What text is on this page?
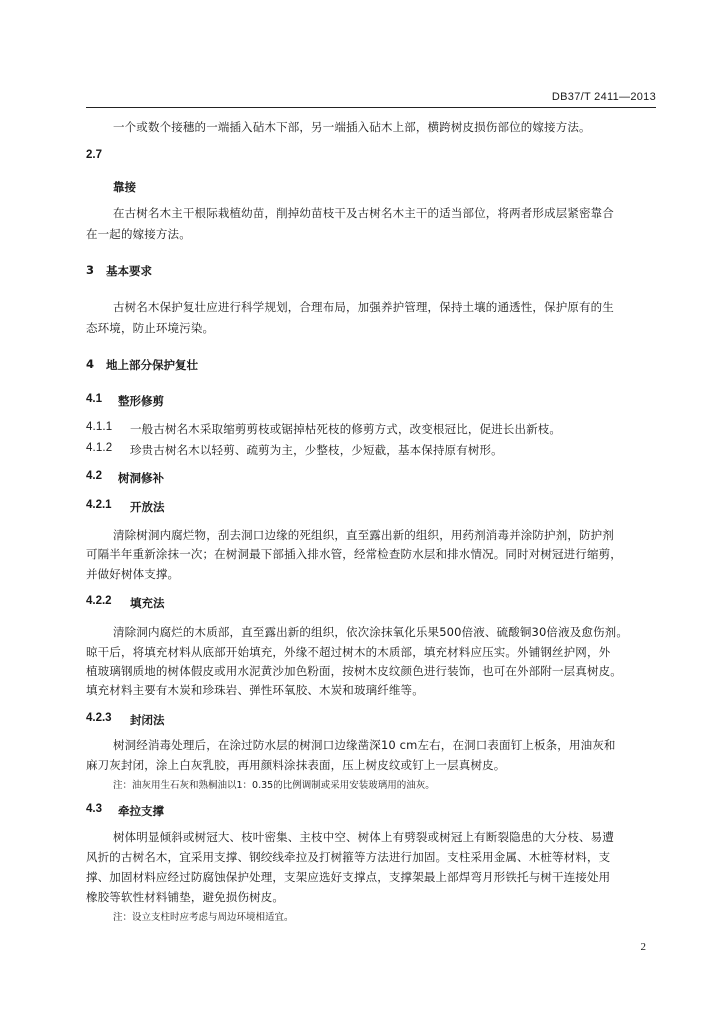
DB37/T 2411—2013
一个或数个接穗的一端插入砧木下部，另一端插入砧木上部，横跨树皮损伤部位的嫁接方法。
2.7
靠接
在古树名木主干根际栽植幼苗，削掉幼苗枝干及古树名木主干的适当部位，将两者形成层紧密靠合
在一起的嫁接方法。
3 基本要求
古树名木保护复壮应进行科学规划，合理布局，加强养护管理，保持土壤的通透性，保护原有的生
态环境，防止环境污染。
4 地上部分保护复壮
4.1 整形修剪
4.1.1 一般古树名木采取缩剪剪枝或锯掉枯死枝的修剪方式，改变根冠比，促进长出新枝。
4.1.2 珍贵古树名木以轻剪、疏剪为主，少整枝，少短截，基本保持原有树形。
4.2 树洞修补
4.2.1 开放法
清除树洞内腐烂物，刮去洞口边缘的死组织，直至露出新的组织，用药剂消毒并涂防护剂，防护剂
可隔半年重新涂抹一次；在树洞最下部插入排水管，经常检查防水层和排水情况。同时对树冠进行缩剪，
并做好树体支撑。
4.2.2 填充法
清除洞内腐烂的木质部，直至露出新的组织，依次涂抹氧化乐果500倍液、硫酸铜30倍液及愈伤剂。
晾干后，将填充材料从底部开始填充，外缘不超过树木的木质部，填充材料应压实。外铺钢丝护网，外
植玻璃钢质地的树体假皮或用水泥黄沙加色粉面，按树木皮纹颜色进行装饰，也可在外部附一层真树皮。
填充材料主要有木炭和珍珠岩、弹性环氧胶、木炭和玻璃纤维等。
4.2.3 封闭法
树洞经消毒处理后，在涂过防水层的树洞口边缘凿深10 cm左右，在洞口表面钉上板条，用油灰和
麻刀灰封闭，涂上白灰乳胶，再用颜料涂抹表面，压上树皮纹或钉上一层真树皮。
注：油灰用生石灰和熟桐油以1：0.35的比例调制或采用安装玻璃用的油灰。
4.3 牵拉支撑
树体明显倾斜或树冠大、枝叶密集、主枝中空、树体上有劈裂或树冠上有断裂隐患的大分枝、易遭
风折的古树名木，宜采用支撑、钢绞线牵拉及打树箍等方法进行加固。支柱采用金属、木桩等材料，支
撑、加固材料应经过防腐蚀保护处理，支架应选好支撑点，支撑架最上部焊弯月形铁托与树干连接处用
橡胶等软性材料铺垫，避免损伤树皮。
注：设立支柱时应考虑与周边环境相适宜。
2
